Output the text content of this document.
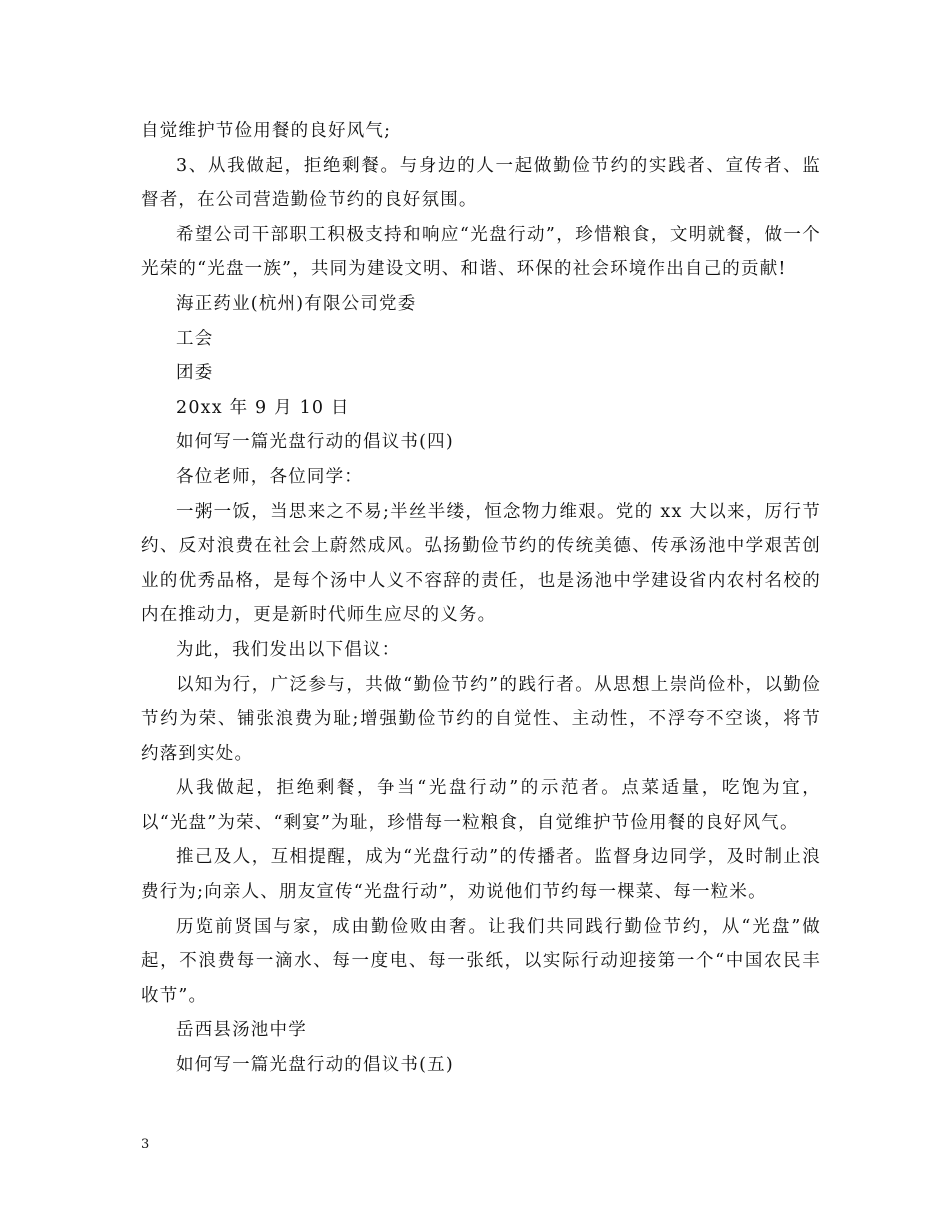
自觉维护节俭用餐的良好风气;

3、从我做起，拒绝剩餐。与身边的人一起做勤俭节约的实践者、宣传者、监督者，在公司营造勤俭节约的良好氛围。

希望公司干部职工积极支持和响应“光盘行动”，珍惜粮食，文明就餐，做一个光荣的“光盘一族”，共同为建设文明、和谐、环保的社会环境作出自己的贡献!

海正药业(杭州)有限公司党委

工会

团委

20xx 年 9 月 10 日

如何写一篇光盘行动的倡议书(四)

各位老师，各位同学：

一粥一饭，当思来之不易;半丝半缕，恒念物力维艰。党的 xx 大以来，厉行节约、反对浪费在社会上蔚然成风。弘扬勤俭节约的传统美德、传承汤池中学艰苦创业的优秀品格，是每个汤中人义不容辞的责任，也是汤池中学建设省内农村名校的内在推动力，更是新时代师生应尽的义务。

为此，我们发出以下倡议：

以知为行，广泛参与，共做“勤俭节约”的践行者。从思想上崇尚俭朴，以勤俭节约为荣、铺张浪费为耻;增强勤俭节约的自觉性、主动性，不浮夸不空谈，将节约落到实处。

从我做起，拒绝剩餐，争当“光盘行动”的示范者。点菜适量，吃饱为宜，以“光盘”为荣、“剩宴”为耻，珍惜每一粒粮食，自觉维护节俭用餐的良好风气。

推己及人，互相提醒，成为“光盘行动”的传播者。监督身边同学，及时制止浪费行为;向亲人、朋友宣传“光盘行动”，劝说他们节约每一棵菜、每一粒米。

历览前贤国与家，成由勤俭败由奢。让我们共同践行勤俭节约，从“光盘”做起，不浪费每一滴水、每一度电、每一张纸，以实际行动迎接第一个“中国农民丰收节”。

岳西县汤池中学

如何写一篇光盘行动的倡议书(五)

3
